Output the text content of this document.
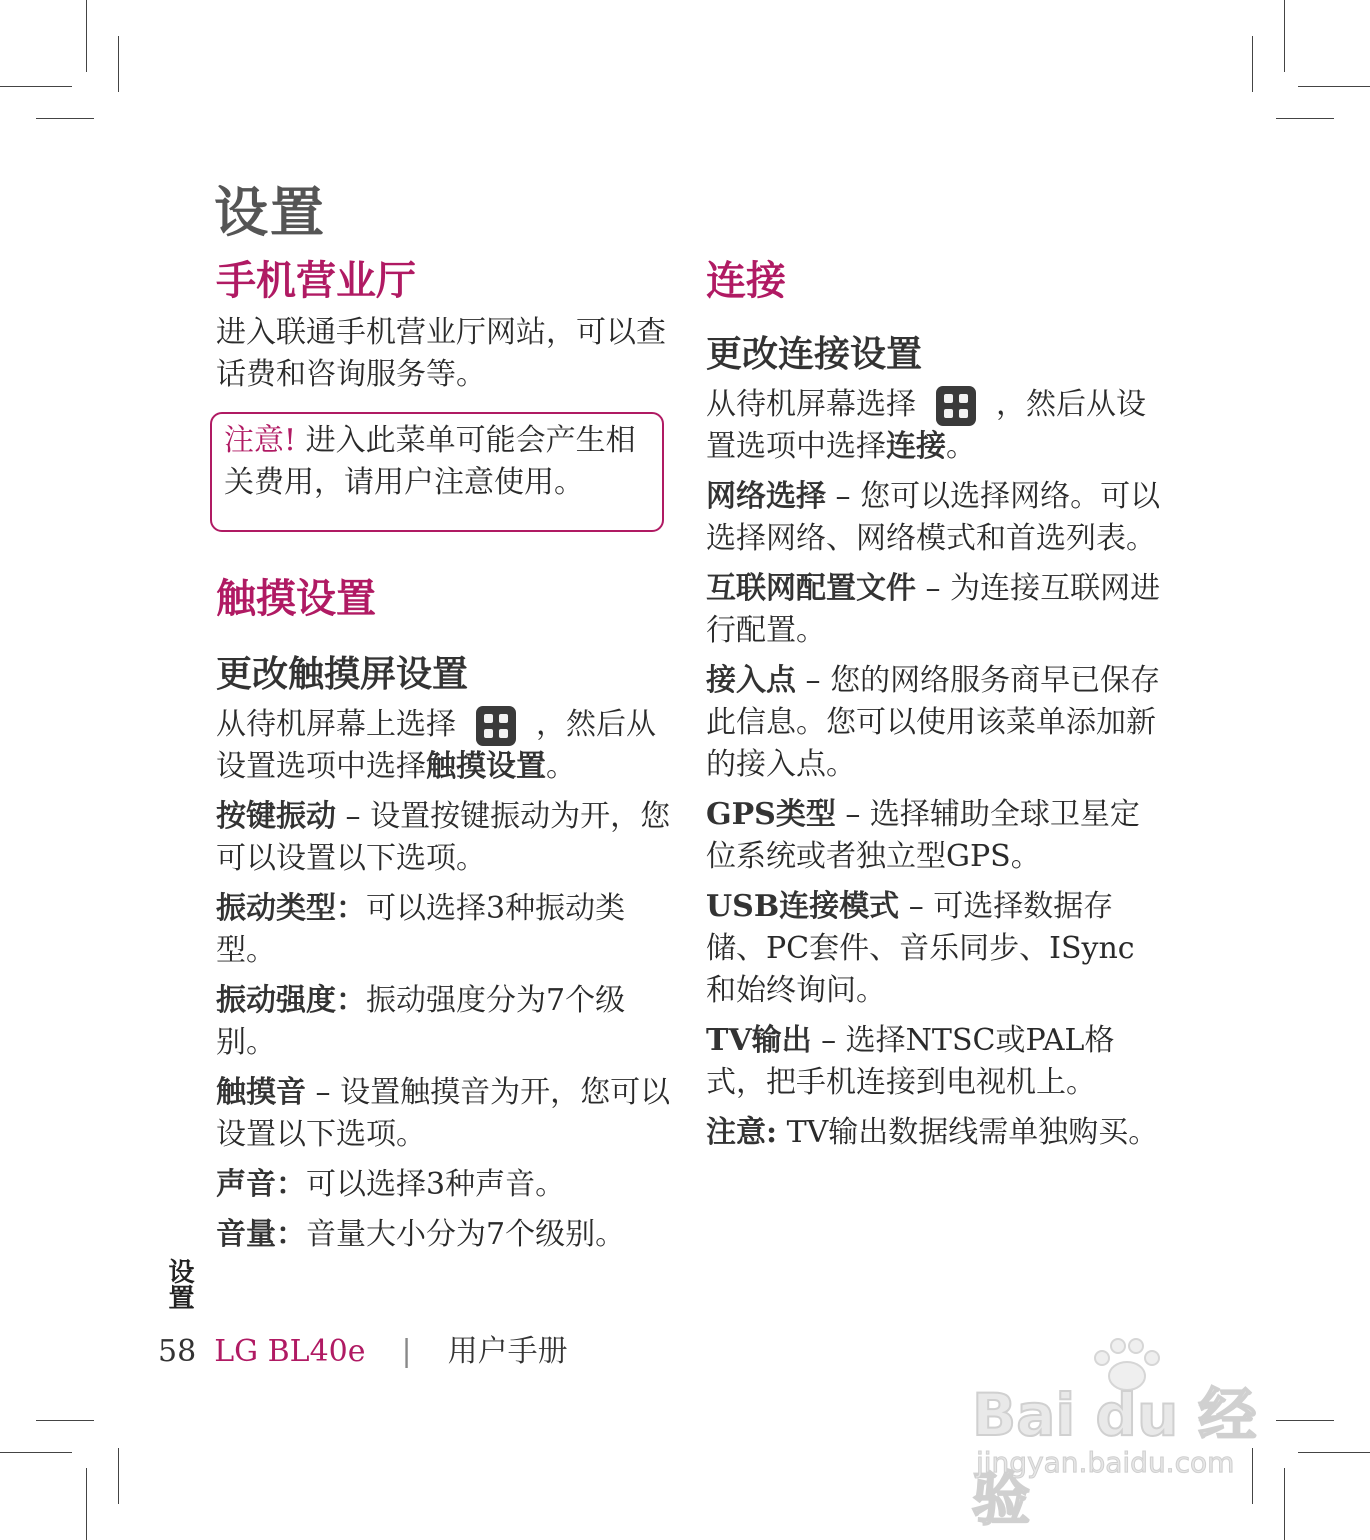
设置
手机营业厅

进入联通手机营业厅网站，可以查话费和咨询服务等。

注意! 进入此菜单可能会产生相关费用，请用户注意使用。

触摸设置
更改触摸屏设置

从待机屏幕上选择	，然后从设置选项中选择触摸设置。

按键振动 – 设置按键振动为开，您可以设置以下选项。

振动类型：可以选择3种振动类型。

振动强度：振动强度分为7个级别。

触摸音 – 设置触摸音为开，您可以设置以下选项。

声音：可以选择3种声音。

音量：音量大小分为7个级别。

连接
更改连接设置

从待机屏幕选择	，然后从设置选项中选择连接。

网络选择 – 您可以选择网络。可以选择网络、网络模式和首选列表。

互联网配置文件 – 为连接互联网进行配置。

接入点 – 您的网络服务商早已保存此信息。您可以使用该菜单添加新的接入点。

GPS类型 – 选择辅助全球卫星定位系统或者独立型GPS。

USB连接模式 – 可选择数据存储、PC套件、音乐同步、ISync和始终询问。

TV输出 – 选择NTSC或PAL格式，把手机连接到电视机上。

注意: TV输出数据线需单独购买。

设置
58 LG BL40e | 用户手册
Bai du 经验
jingyan.baidu.com
